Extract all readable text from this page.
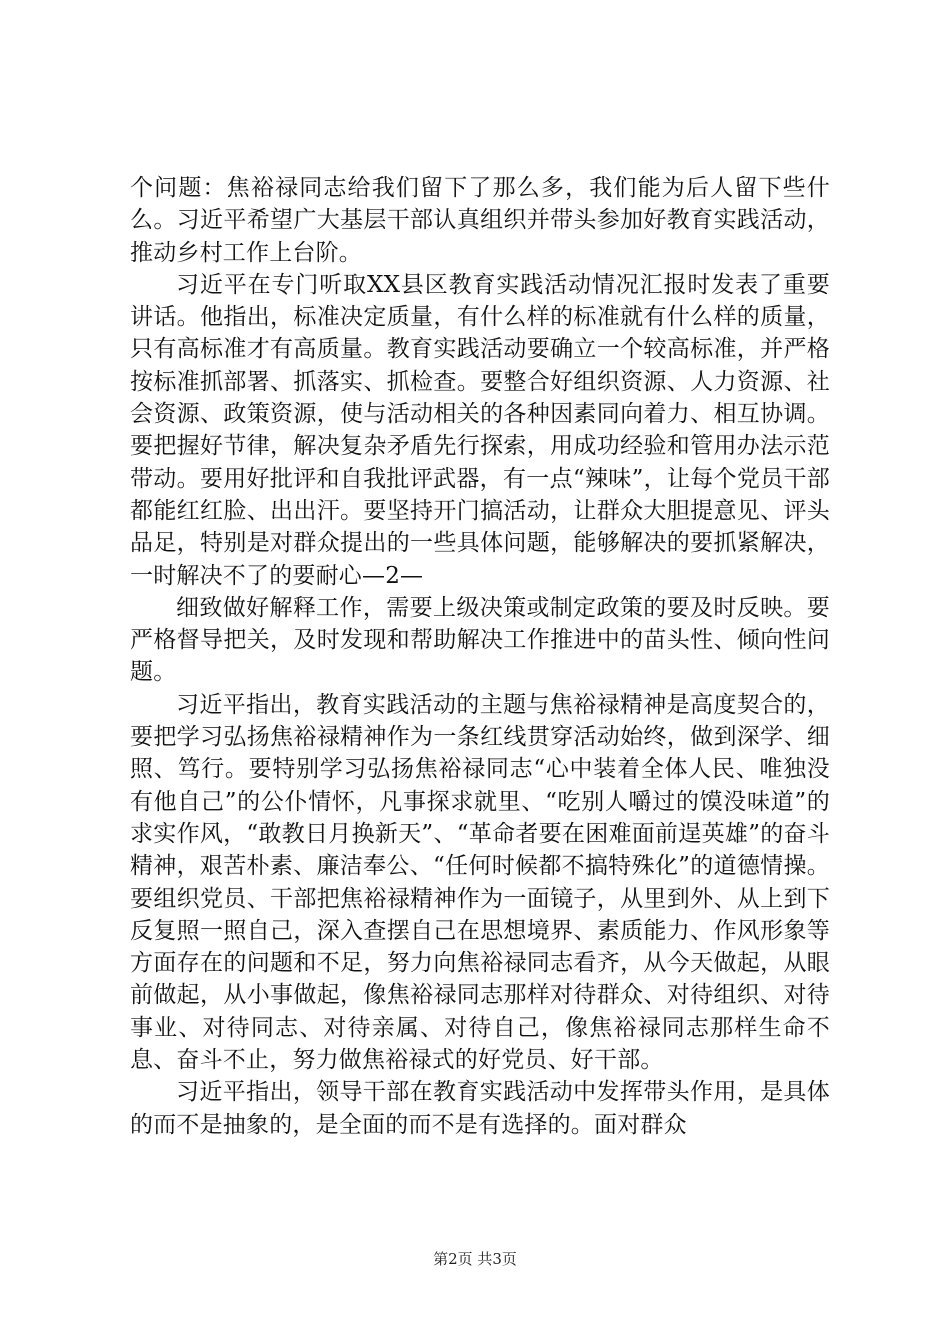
个问题：焦裕禄同志给我们留下了那么多，我们能为后人留下些什么。习近平希望广大基层干部认真组织并带头参加好教育实践活动，推动乡村工作上台阶。

习近平在专门听取XX县区教育实践活动情况汇报时发表了重要讲话。他指出，标准决定质量，有什么样的标准就有什么样的质量，只有高标准才有高质量。教育实践活动要确立一个较高标准，并严格按标准抓部署、抓落实、抓检查。要整合好组织资源、人力资源、社会资源、政策资源，使与活动相关的各种因素同向着力、相互协调。要把握好节律，解决复杂矛盾先行探索，用成功经验和管用办法示范带动。要用好批评和自我批评武器，有一点“辣味”，让每个党员干部都能红红脸、出出汗。要坚持开门搞活动，让群众大胆提意见、评头品足，特别是对群众提出的一些具体问题，能够解决的要抓紧解决，一时解决不了的要耐心—2—

细致做好解释工作，需要上级决策或制定政策的要及时反映。要严格督导把关，及时发现和帮助解决工作推进中的苗头性、倾向性问题。

习近平指出，教育实践活动的主题与焦裕禄精神是高度契合的，要把学习弘扬焦裕禄精神作为一条红线贯穿活动始终，做到深学、细照、笃行。要特别学习弘扬焦裕禄同志“心中装着全体人民、唯独没有他自己”的公仆情怀，凡事探求就里、“吃别人嚼过的馍没味道”的求实作风，“敢教日月换新天”、“革命者要在困难面前逞英雄”的奋斗精神，艰苦朴素、廉洁奉公、“任何时候都不搞特殊化”的道德情操。要组织党员、干部把焦裕禄精神作为一面镜子，从里到外、从上到下反复照一照自己，深入查摆自己在思想境界、素质能力、作风形象等方面存在的问题和不足，努力向焦裕禄同志看齐，从今天做起，从眼前做起，从小事做起，像焦裕禄同志那样对待群众、对待组织、对待事业、对待同志、对待亲属、对待自己，像焦裕禄同志那样生命不息、奋斗不止，努力做焦裕禄式的好党员、好干部。

习近平指出，领导干部在教育实践活动中发挥带头作用，是具体的而不是抽象的，是全面的而不是有选择的。面对群众

第2页 共3页
